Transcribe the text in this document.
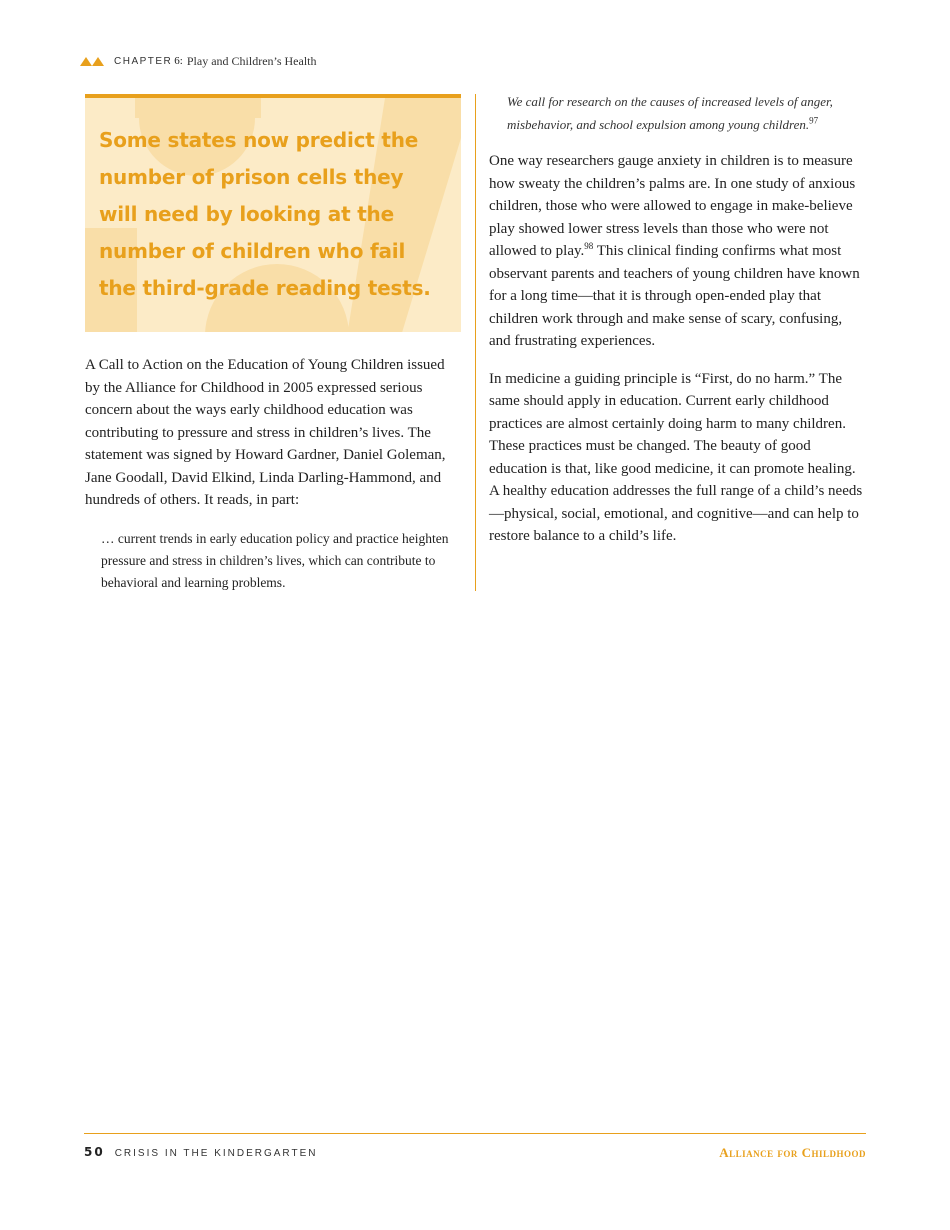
CHAPTER 6: Play and Children’s Health

Some states now predict the number of prison cells they will need by looking at the number of children who fail the third-grade reading tests.

A Call to Action on the Education of Young Children issued by the Alliance for Childhood in 2005 expressed serious concern about the ways early childhood education was contributing to pressure and stress in children’s lives. The statement was signed by Howard Gardner, Daniel Goleman, Jane Goodall, David Elkind, Linda Darling-Hammond, and hundreds of others. It reads, in part:

… current trends in early education policy and practice heighten pressure and stress in children’s lives, which can contribute to behavioral and learning problems.

We call for research on the causes of increased levels of anger, misbehavior, and school expulsion among young children.$^{97}$

One way researchers gauge anxiety in children is to measure how sweaty the children’s palms are. In one study of anxious children, those who were allowed to engage in make-believe play showed lower stress levels than those who were not allowed to play.$^{98}$ This clinical finding confirms what most observant parents and teachers of young children have known for a long time—that it is through open-ended play that children work through and make sense of scary, confusing, and frustrating experiences.

In medicine a guiding principle is “First, do no harm.” The same should apply in education. Current early childhood practices are almost certainly doing harm to many children. These practices must be changed. The beauty of good education is that, like good medicine, it can promote healing. A healthy education addresses the full range of a child’s needs—physical, social, emotional, and cognitive—and can help to restore balance to a child’s life.

50 CRISIS IN THE KINDERGARTEN	Alliance for Childhood
